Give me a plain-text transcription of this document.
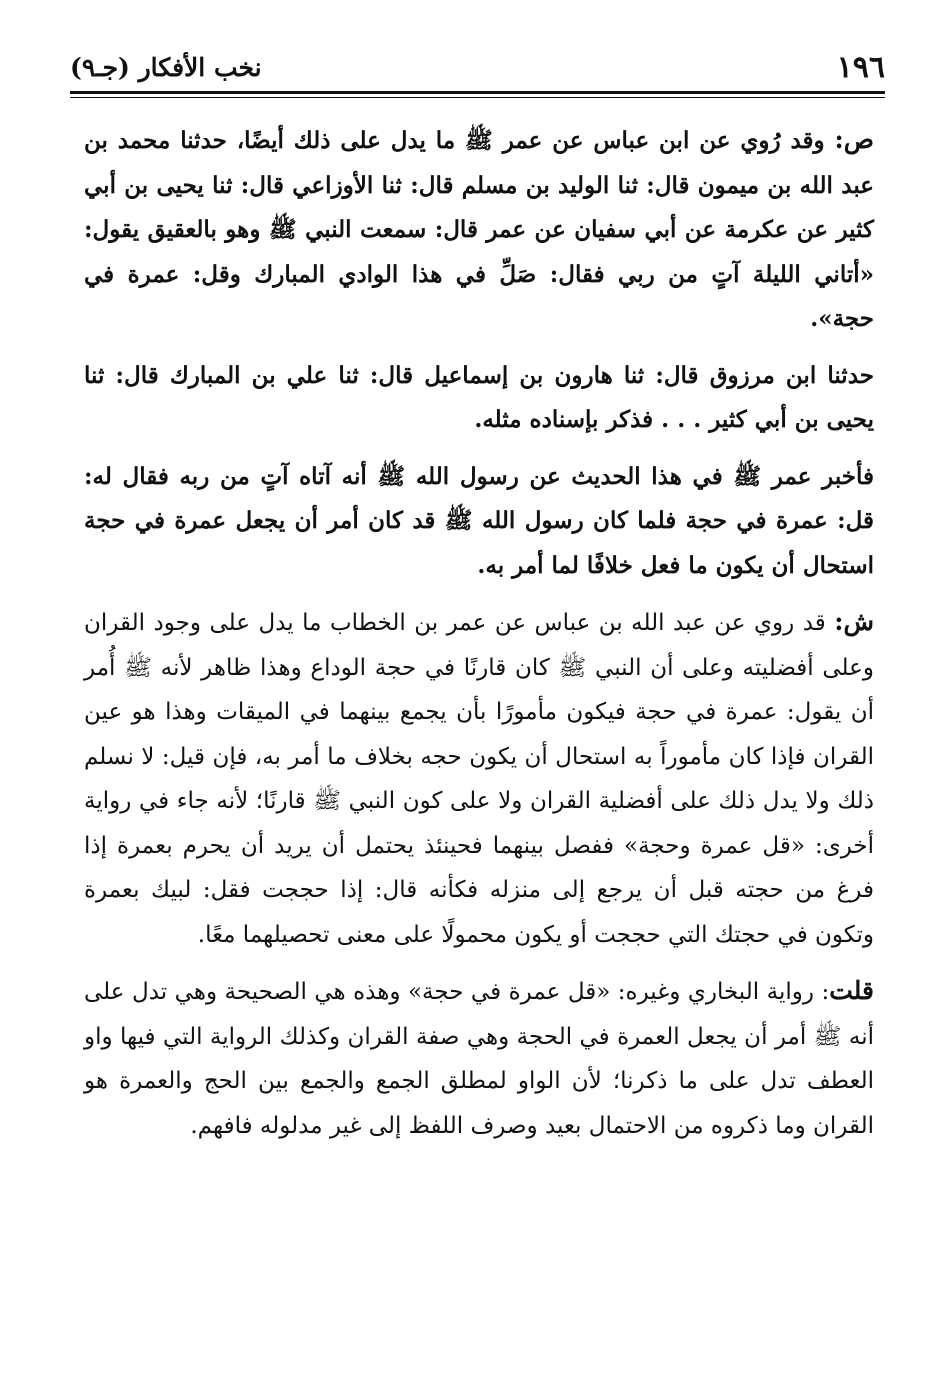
١٩٦
نخب الأفكار (جـ٩)

ص: وقد رُوي عن ابن عباس عن عمر ﷺ ما يدل على ذلك أيضًا، حدثنا محمد بن عبد الله بن ميمون قال: ثنا الوليد بن مسلم قال: ثنا الأوزاعي قال: ثنا يحيى بن أبي كثير عن عكرمة عن أبي سفيان عن عمر قال: سمعت النبي ﷺ وهو بالعقيق يقول: «أتاني الليلة آتٍ من ربي فقال: صَلِّ في هذا الوادي المبارك وقل: عمرة في حجة».

حدثنا ابن مرزوق قال: ثنا هارون بن إسماعيل قال: ثنا علي بن المبارك قال: ثنا يحيى بن أبي كثير . . . فذكر بإسناده مثله.

فأخبر عمر ﷺ في هذا الحديث عن رسول الله ﷺ أنه آتاه آتٍ من ربه فقال له: قل: عمرة في حجة فلما كان رسول الله ﷺ قد كان أمر أن يجعل عمرة في حجة استحال أن يكون ما فعل خلافًا لما أمر به.

ش: قد روي عن عبد الله بن عباس عن عمر بن الخطاب ما يدل على وجود القران وعلى أفضليته وعلى أن النبي ﷺ كان قارنًا في حجة الوداع وهذا ظاهر لأنه ﷺ أُمر أن يقول: عمرة في حجة فيكون مأمورًا بأن يجمع بينهما في الميقات وهذا هو عين القران فإذا كان مأموراً به استحال أن يكون حجه بخلاف ما أمر به، فإن قيل: لا نسلم ذلك ولا يدل ذلك على أفضلية القران ولا على كون النبي ﷺ قارنًا؛ لأنه جاء في رواية أخرى: «قل عمرة وحجة» ففصل بينهما فحينئذ يحتمل أن يريد أن يحرم بعمرة إذا فرغ من حجته قبل أن يرجع إلى منزله فكأنه قال: إذا حججت فقل: لبيك بعمرة وتكون في حجتك التي حججت أو يكون محمولًا على معنى تحصيلهما معًا.

قلت: رواية البخاري وغيره: «قل عمرة في حجة» وهذه هي الصحيحة وهي تدل على أنه ﷺ أمر أن يجعل العمرة في الحجة وهي صفة القران وكذلك الرواية التي فيها واو العطف تدل على ما ذكرنا؛ لأن الواو لمطلق الجمع والجمع بين الحج والعمرة هو القران وما ذكروه من الاحتمال بعيد وصرف اللفظ إلى غير مدلوله فافهم.
